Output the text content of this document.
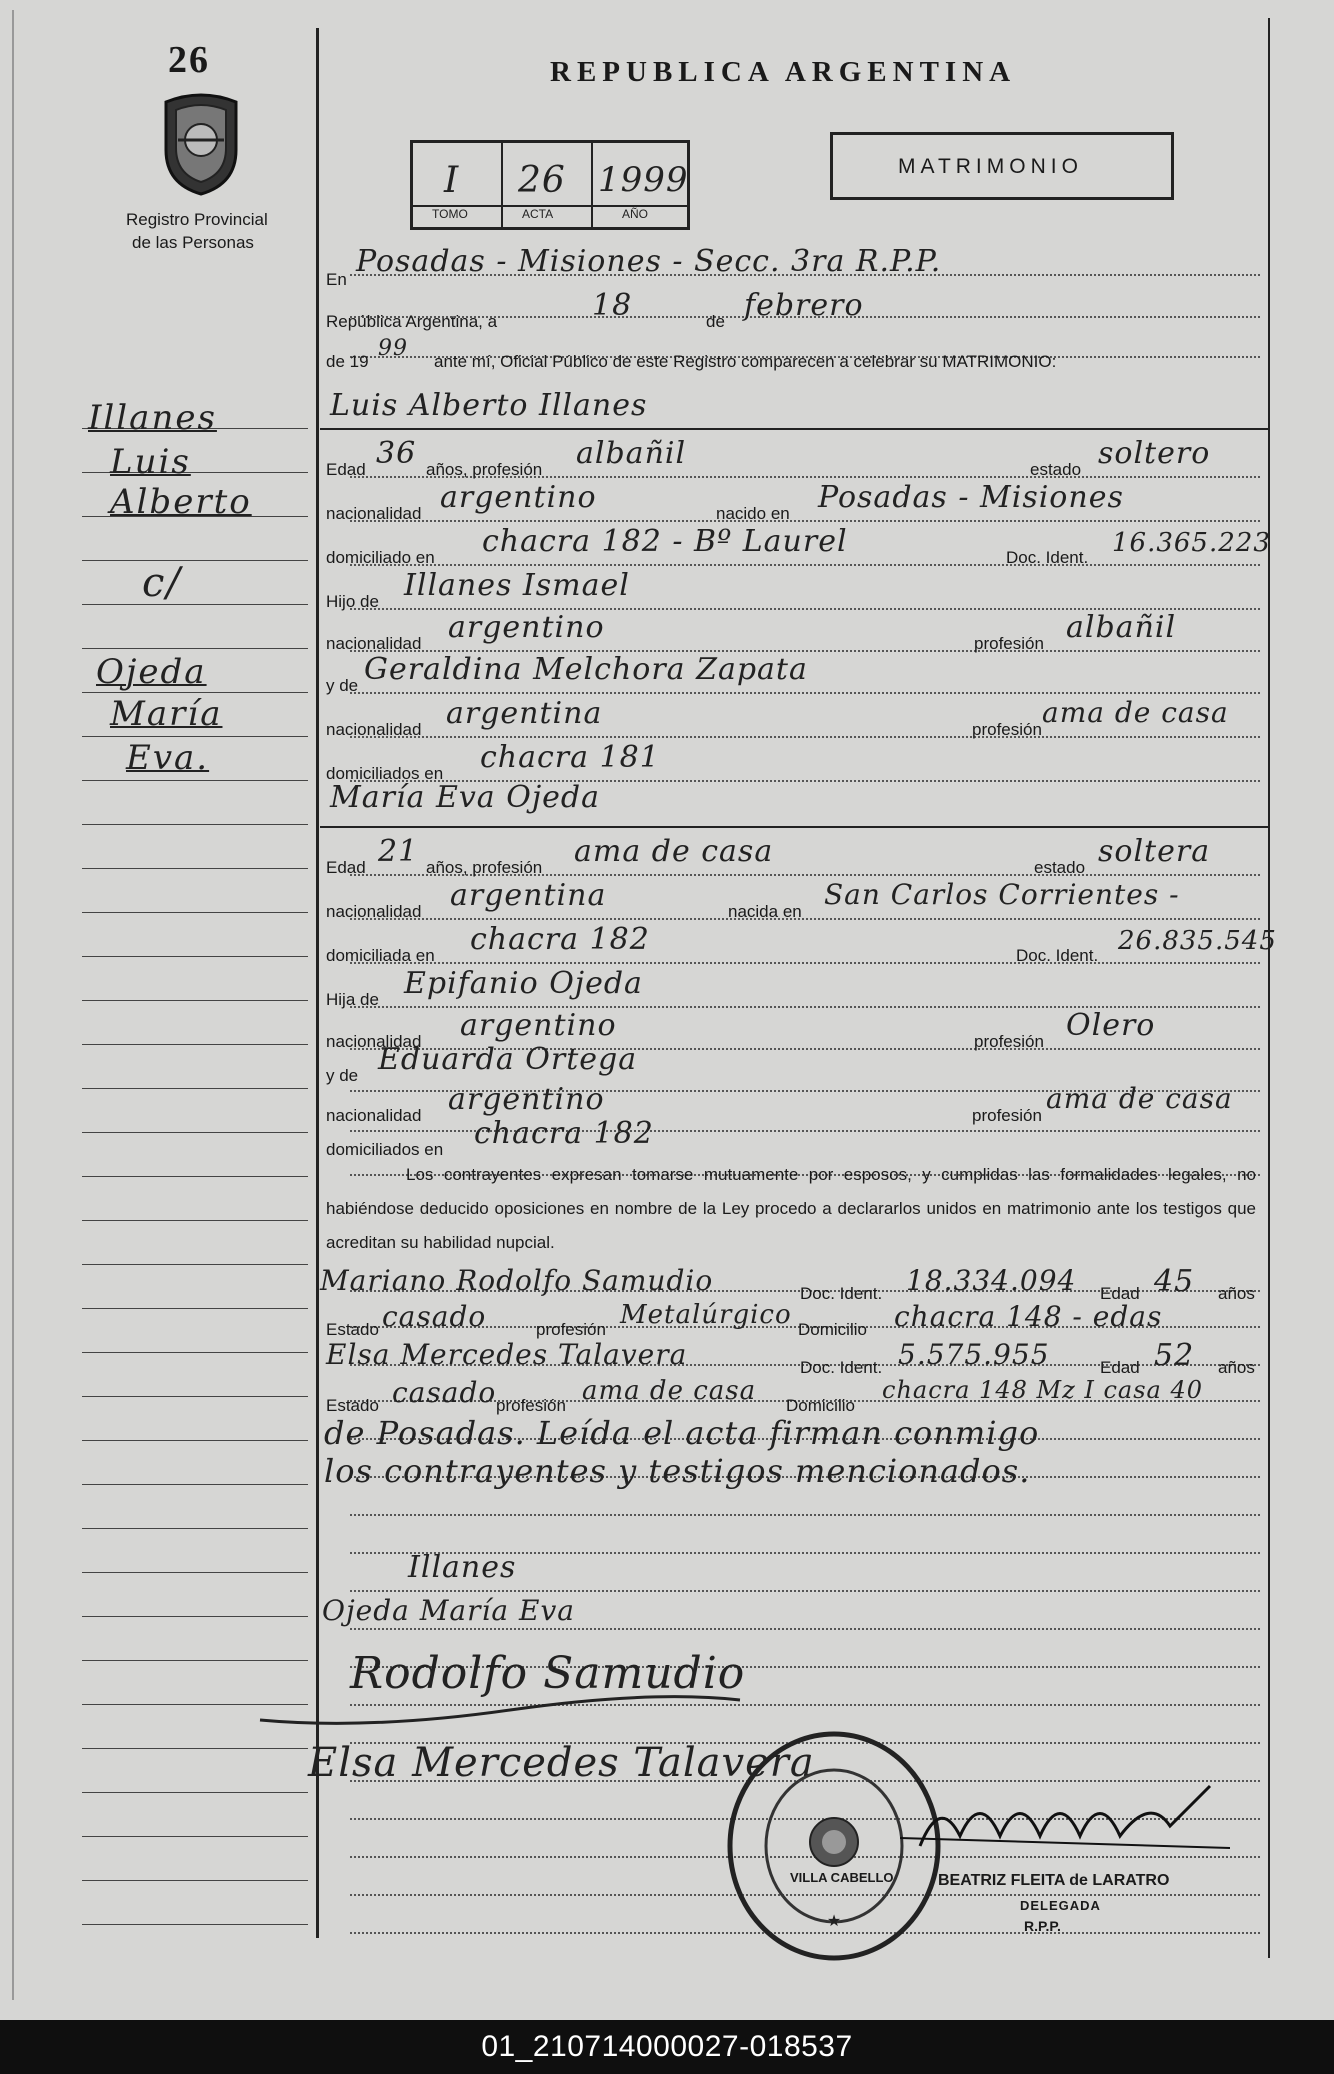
26
Registro Provincial
de las Personas
REPUBLICA ARGENTINA
I 26 1999
TOMO	ACTA	AÑO
MATRIMONIO
Illanes
Luis
Alberto
c/
Ojeda
María
Eva.
En
Posadas - Misiones - Secc. 3ra R.P.P.
República Argentina, a	18	de febrero
de 19
99
ante mí, Oficial Público de este Registro comparecen a celebrar su MATRIMONIO:
Luis Alberto Illanes
Edad 36 años, profesión albañil	estado soltero
nacionalidad argentino	nacido en Posadas - Misiones
domiciliado en chacra 182 - Bº Laurel	Doc. Ident. 16.365.223
Hijo de Illanes Ismael
nacionalidad argentino	profesión albañil
y de Geraldina Melchora Zapata
nacionalidad argentina	profesión
ama de casa
domiciliados en chacra 181
María Eva Ojeda
Edad 21 años, profesión ama de casa	estado soltera
nacionalidad argentina	nacida en
San Carlos Corrientes -
domiciliada en chacra 182	Doc. Ident. 26.835.545
Hija de Epifanio Ojeda
nacionalidad argentino	profesión Olero
y de Eduarda Ortega
nacionalidad argentino	profesión
ama de casa
domiciliados en chacra 182
Los contrayentes expresan tomarse mutuamente por esposos, y cumplidas las formalidades legales, no habiéndose deducido oposiciones en nombre de la Ley procedo a declararlos unidos en matrimonio ante los testigos que acreditan su habilidad nupcial.
Mariano Rodolfo Samudio	Doc. Ident. 18.334.094 Edad 45 años
Estado casado	profesión Metalúrgico Domicilio chacra 148 - edas
Elsa Mercedes Talavera	Doc. Ident. 5.575.955	Edad 52 años
Estado casado profesión ama de casa Domicilio
chacra 148 Mz I casa 40
de Posadas. Leída el acta firman conmigo
los contrayentes y testigos mencionados.
Illanes
Ojeda María Eva
Rodolfo Samudio
Elsa Mercedes Talavera
★
VILLA CABELLO	BEATRIZ FLEITA de LARATRO
DELEGADA
R.P.P.
01_210714000027-018537
